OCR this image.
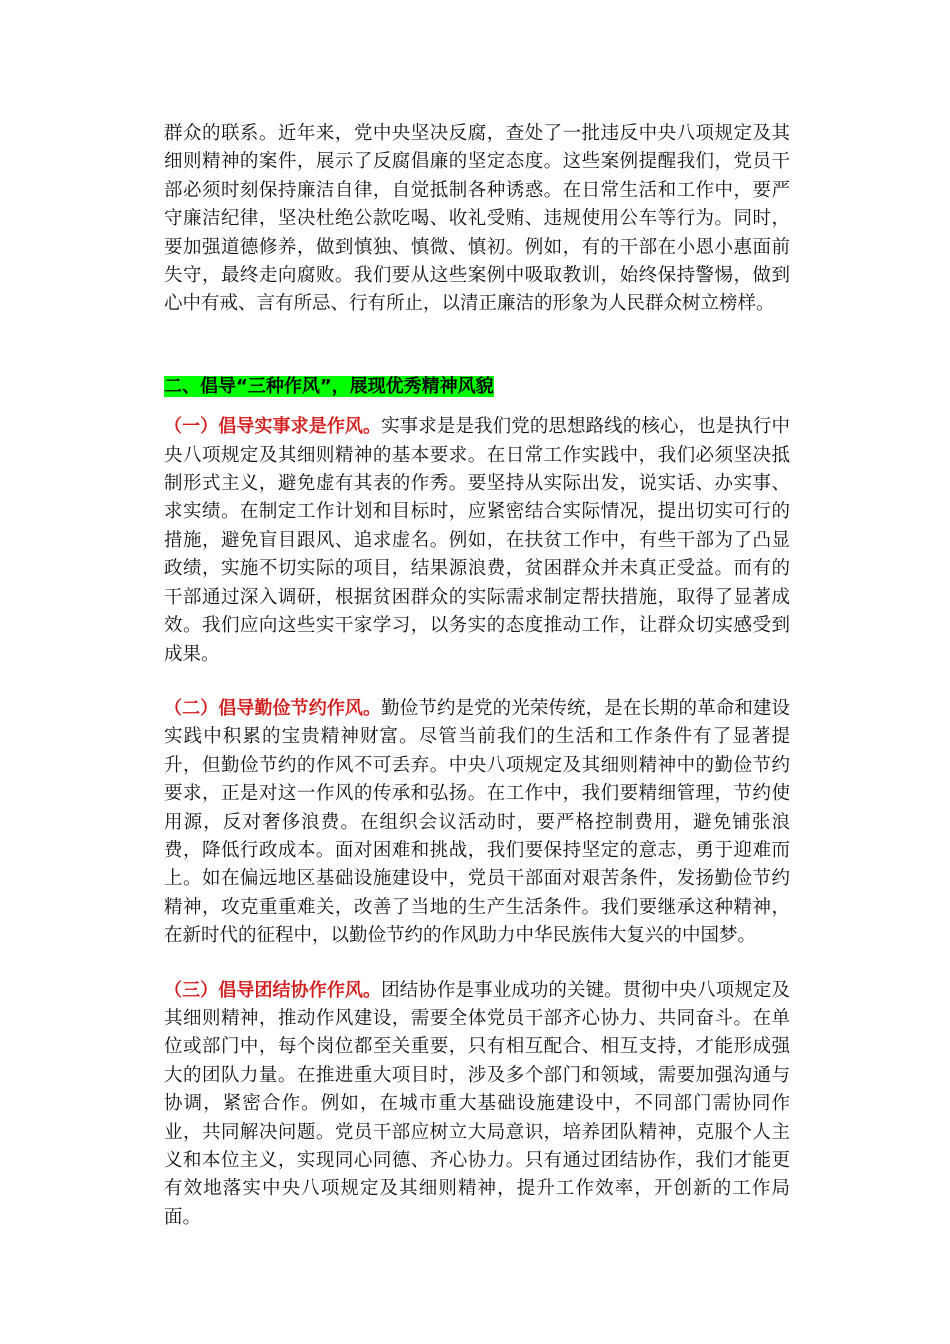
群众的联系。近年来，党中央坚决反腐，查处了一批违反中央八项规定及其细则精神的案件，展示了反腐倡廉的坚定态度。这些案例提醒我们，党员干部必须时刻保持廉洁自律，自觉抵制各种诱惑。在日常生活和工作中，要严守廉洁纪律，坚决杜绝公款吃喝、收礼受贿、违规使用公车等行为。同时，要加强道德修养，做到慎独、慎微、慎初。例如，有的干部在小恩小惠面前失守，最终走向腐败。我们要从这些案例中吸取教训，始终保持警惕，做到心中有戒、言有所忌、行有所止，以清正廉洁的形象为人民群众树立榜样。

二、倡导“三种作风”，展现优秀精神风貌

（一）倡导实事求是作风。实事求是是我们党的思想路线的核心，也是执行中央八项规定及其细则精神的基本要求。在日常工作实践中，我们必须坚决抵制形式主义，避免虚有其表的作秀。要坚持从实际出发，说实话、办实事、求实绩。在制定工作计划和目标时，应紧密结合实际情况，提出切实可行的措施，避免盲目跟风、追求虚名。例如，在扶贫工作中，有些干部为了凸显政绩，实施不切实际的项目，结果源浪费，贫困群众并未真正受益。而有的干部通过深入调研，根据贫困群众的实际需求制定帮扶措施，取得了显著成效。我们应向这些实干家学习，以务实的态度推动工作，让群众切实感受到成果。

（二）倡导勤俭节约作风。勤俭节约是党的光荣传统，是在长期的革命和建设实践中积累的宝贵精神财富。尽管当前我们的生活和工作条件有了显著提升，但勤俭节约的作风不可丢弃。中央八项规定及其细则精神中的勤俭节约要求，正是对这一作风的传承和弘扬。在工作中，我们要精细管理，节约使用源，反对奢侈浪费。在组织会议活动时，要严格控制费用，避免铺张浪费，降低行政成本。面对困难和挑战，我们要保持坚定的意志，勇于迎难而上。如在偏远地区基础设施建设中，党员干部面对艰苦条件，发扬勤俭节约精神，攻克重重难关，改善了当地的生产生活条件。我们要继承这种精神，在新时代的征程中，以勤俭节约的作风助力中华民族伟大复兴的中国梦。

（三）倡导团结协作作风。团结协作是事业成功的关键。贯彻中央八项规定及其细则精神，推动作风建设，需要全体党员干部齐心协力、共同奋斗。在单位或部门中，每个岗位都至关重要，只有相互配合、相互支持，才能形成强大的团队力量。在推进重大项目时，涉及多个部门和领域，需要加强沟通与协调，紧密合作。例如，在城市重大基础设施建设中，不同部门需协同作业，共同解决问题。党员干部应树立大局意识，培养团队精神，克服个人主义和本位主义，实现同心同德、齐心协力。只有通过团结协作，我们才能更有效地落实中央八项规定及其细则精神，提升工作效率，开创新的工作局面。
